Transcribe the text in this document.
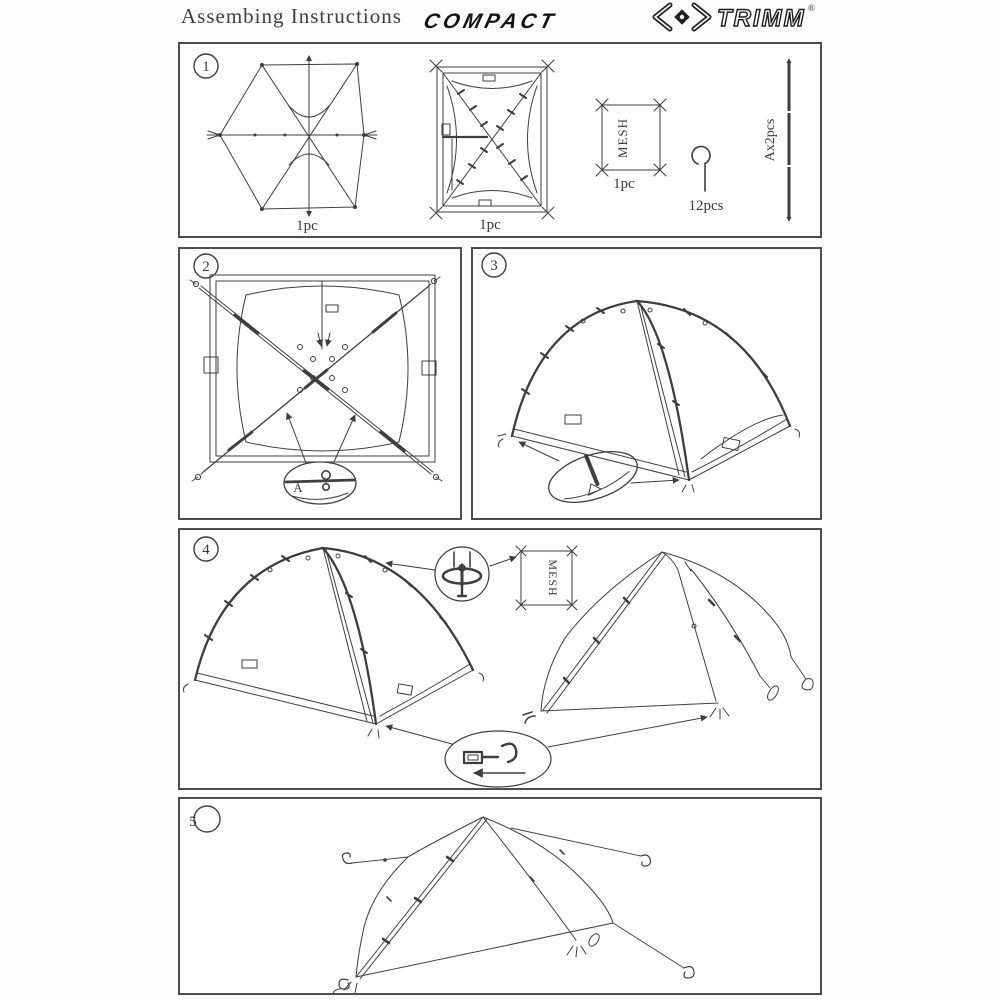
Assembing Instructions COMPACT	TRIMM ®
1
1pc	1pc
MESH
1pc
12pcs
Ax2pcs
2
A
3
4
MESH
5
